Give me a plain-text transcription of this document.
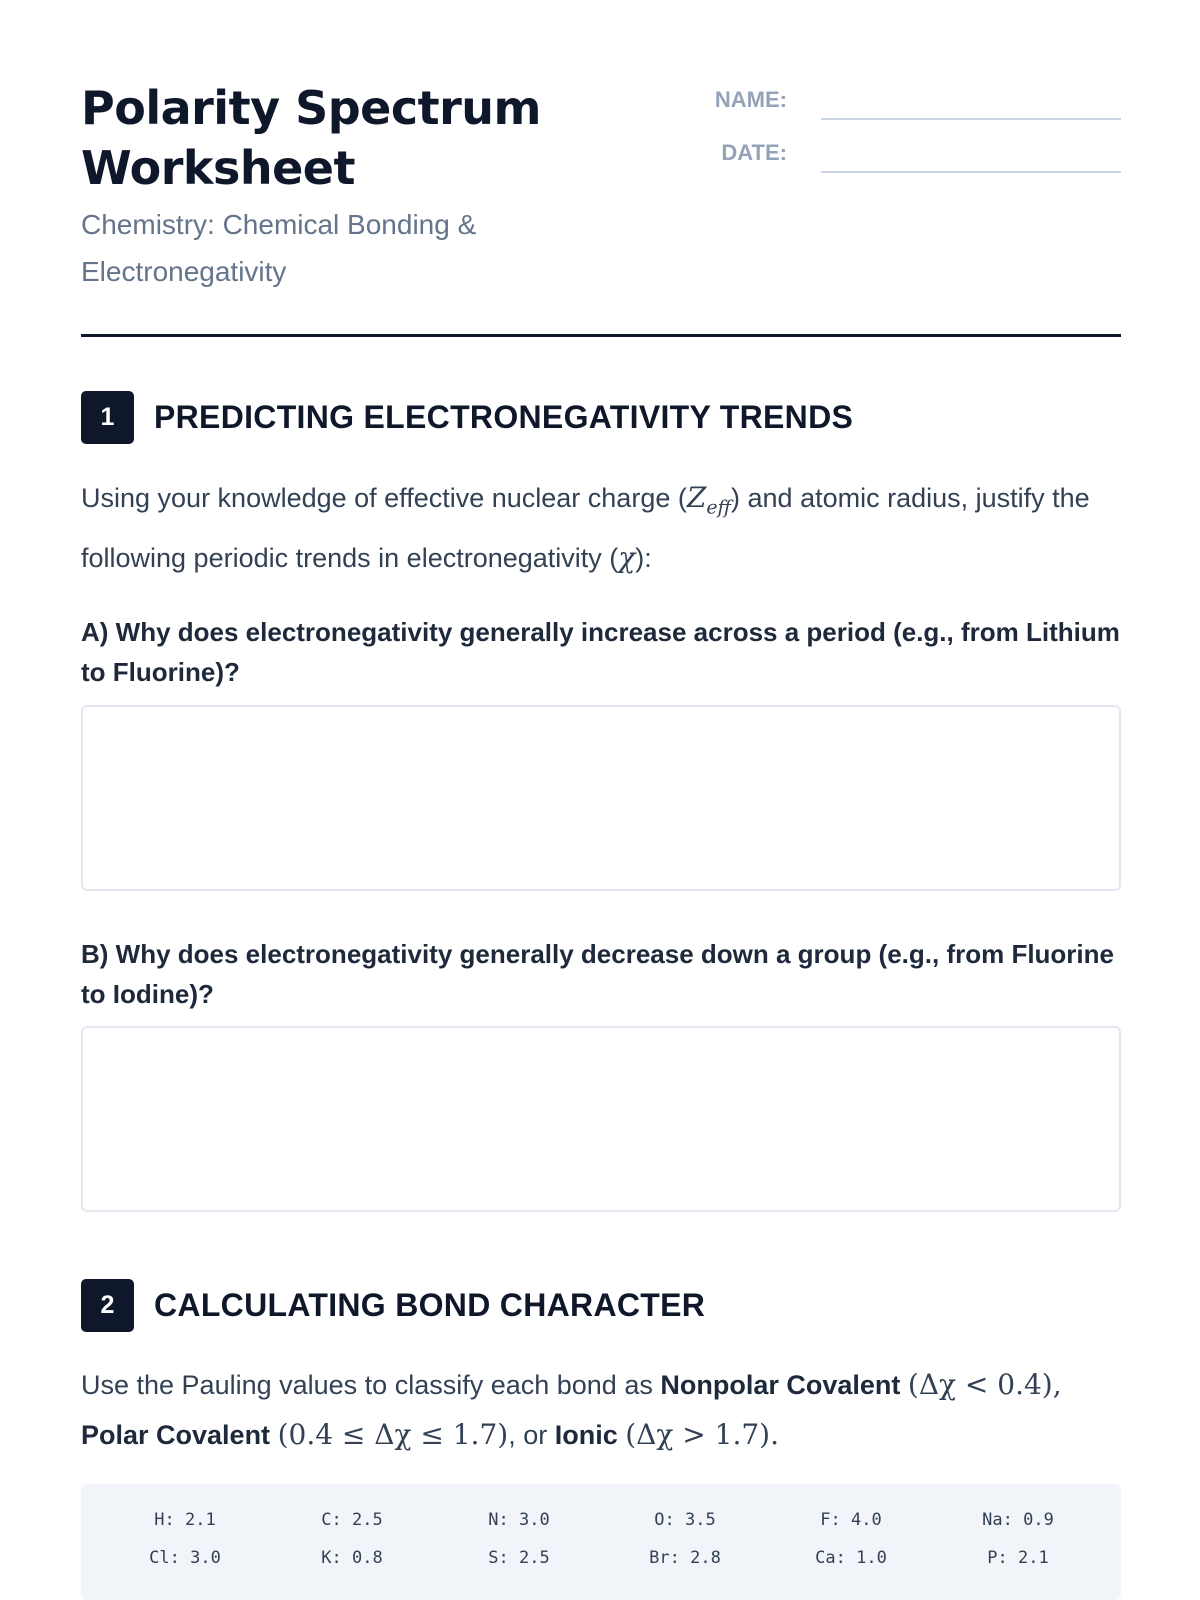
Polarity Spectrum Worksheet
Chemistry: Chemical Bonding & Electronegativity
NAME:
DATE:
1	PREDICTING ELECTRONEGATIVITY TRENDS

Using your knowledge of effective nuclear charge $(Z_{eff})$ and atomic radius, justify the following periodic trends in electronegativity (χ):

A) Why does electronegativity generally increase across a period (e.g., from Lithium to Fluorine)?

B) Why does electronegativity generally decrease down a group (e.g., from Fluorine to Iodine)?

2	CALCULATING BOND CHARACTER

Use the Pauling values to classify each bond as Nonpolar Covalent (Δχ < 0.4),
Polar Covalent (0.4 ≤ Δχ ≤ 1.7), or Ionic (Δχ > 1.7).

H: 2.1	C: 2.5	N: 3.0	O: 3.5	F: 4.0	Na: 0.9
Cl: 3.0	K: 0.8	S: 2.5	Br: 2.8	Ca: 1.0	P: 2.1
